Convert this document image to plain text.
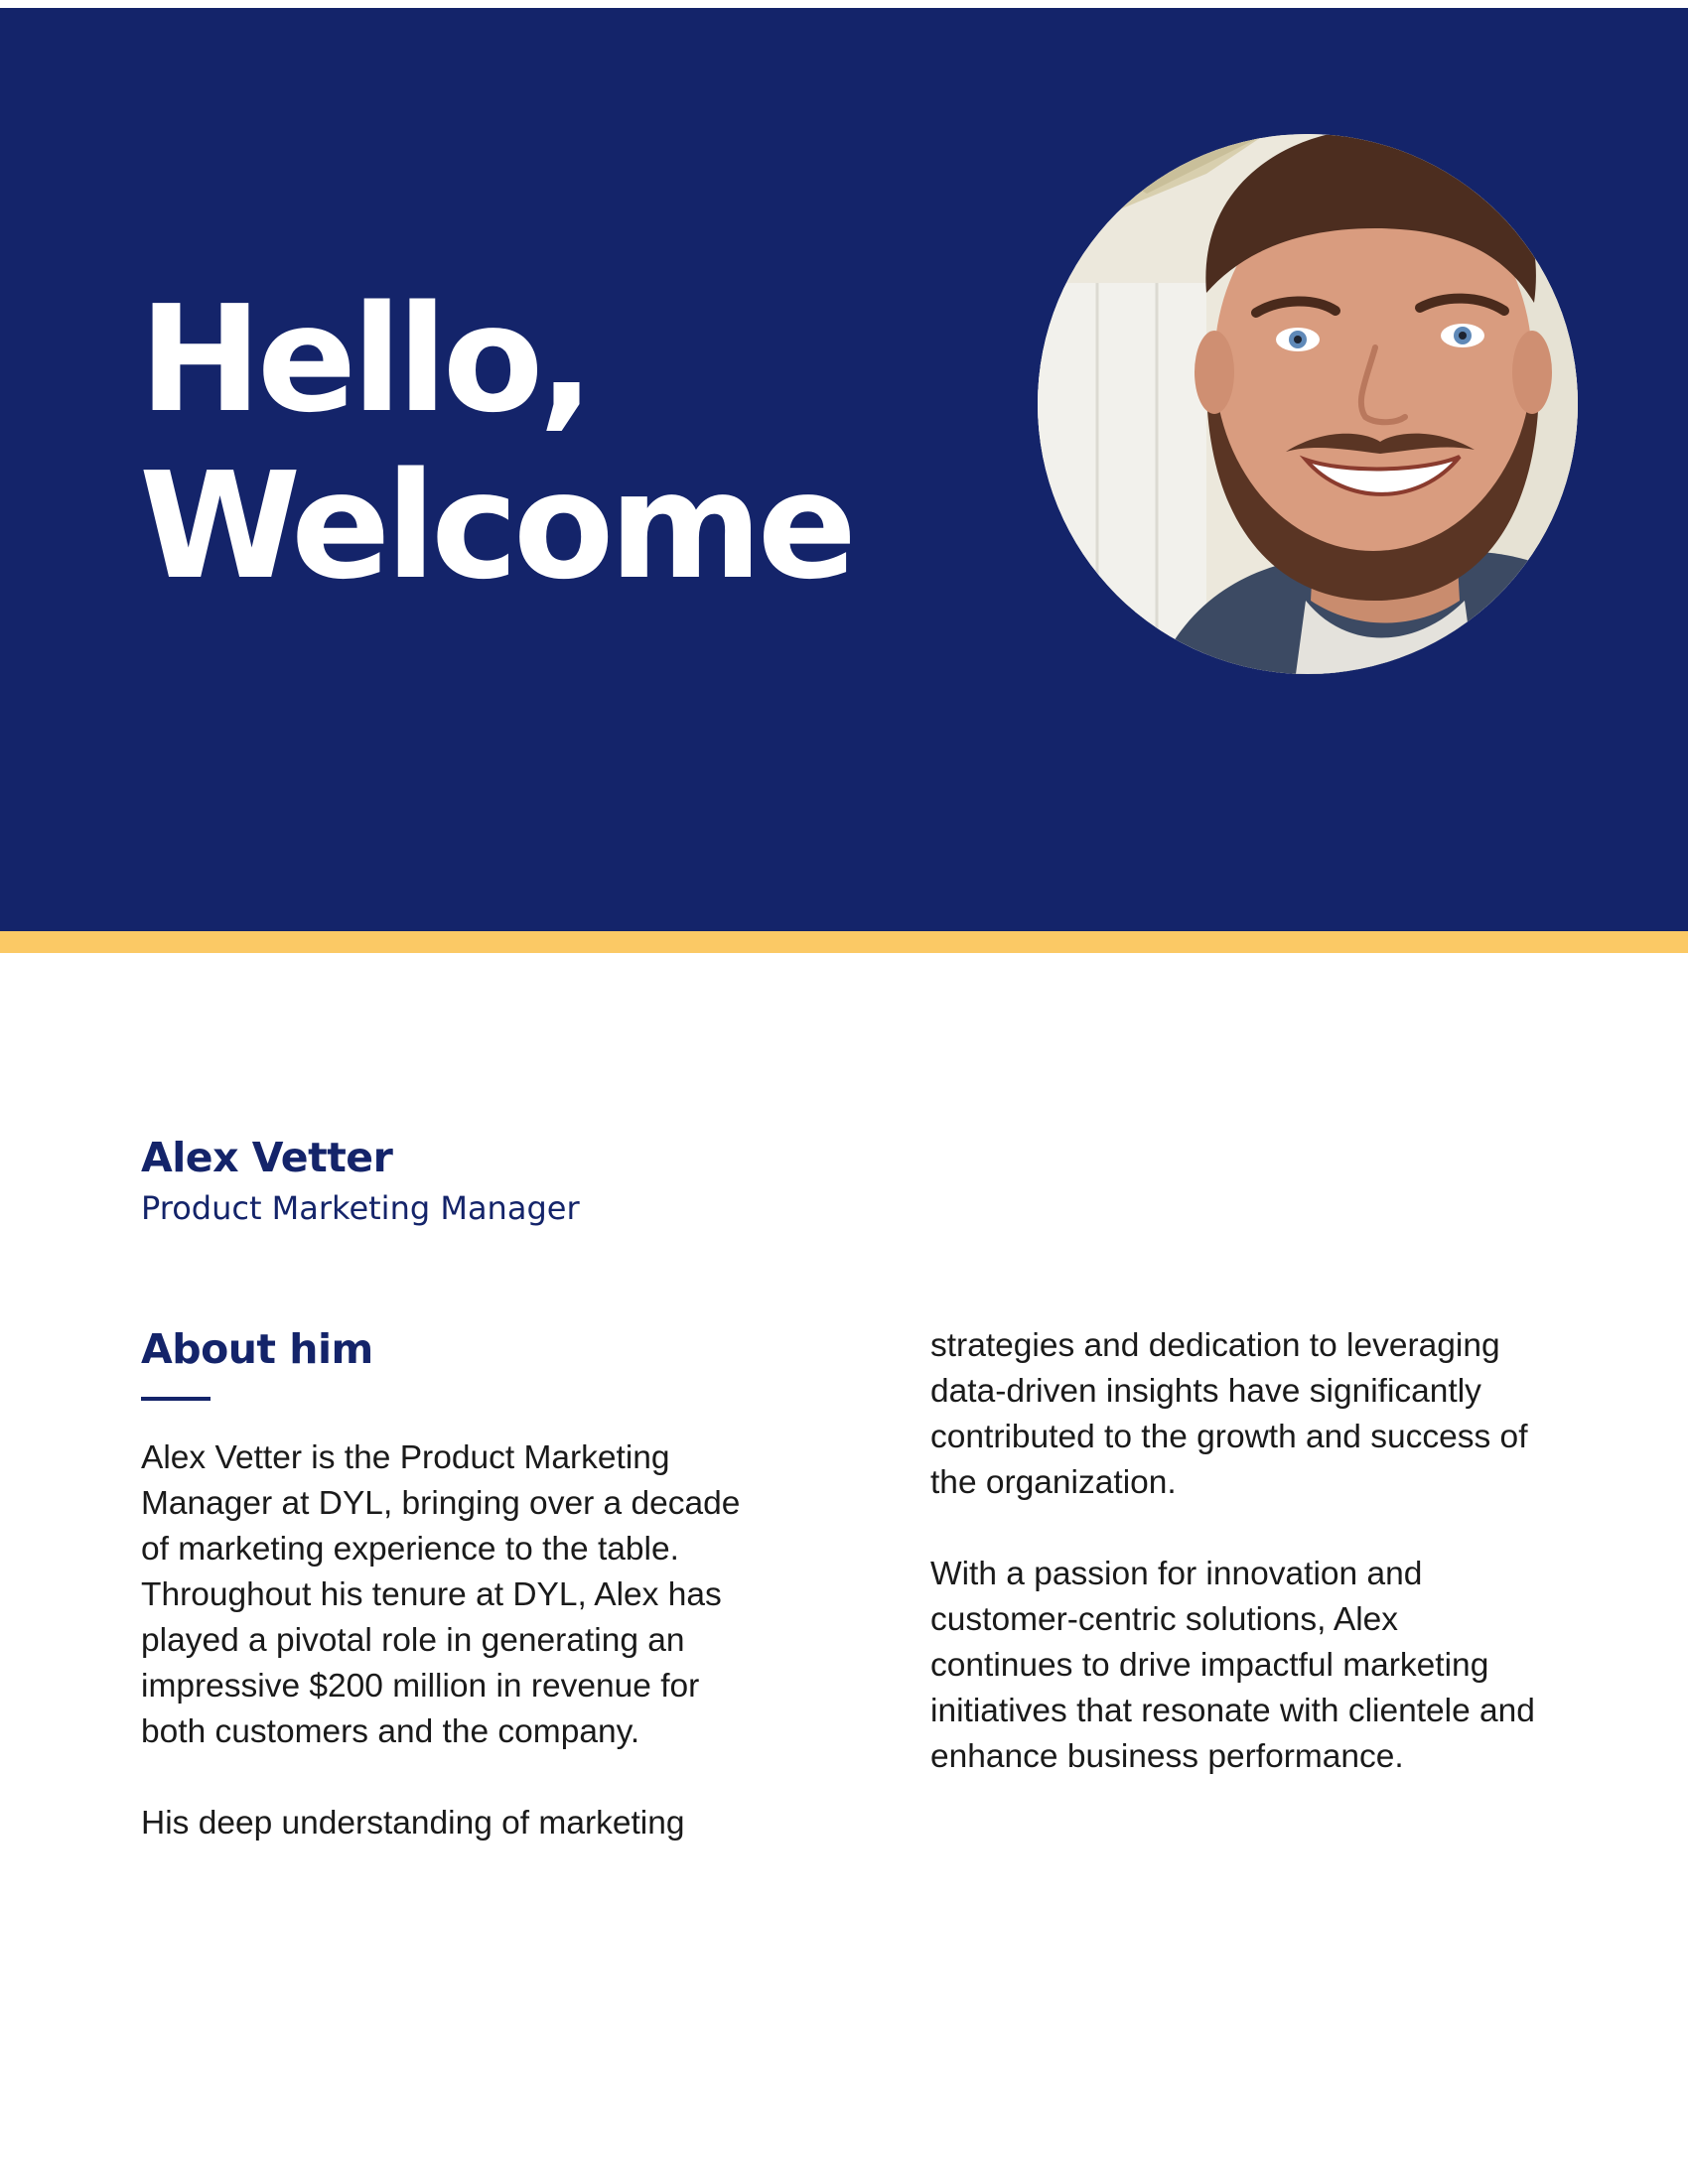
Hello,
Welcome
Alex Vetter

Product Marketing Manager

About him

Alex Vetter is the Product Marketing Manager at DYL, bringing over a decade of marketing experience to the table. Throughout his tenure at DYL, Alex has played a pivotal role in generating an impressive $200 million in revenue for both customers and the company.

His deep understanding of marketing

strategies and dedication to leveraging data-driven insights have significantly contributed to the growth and success of the organization.

With a passion for innovation and customer-centric solutions, Alex continues to drive impactful marketing initiatives that resonate with clientele and enhance business performance.
